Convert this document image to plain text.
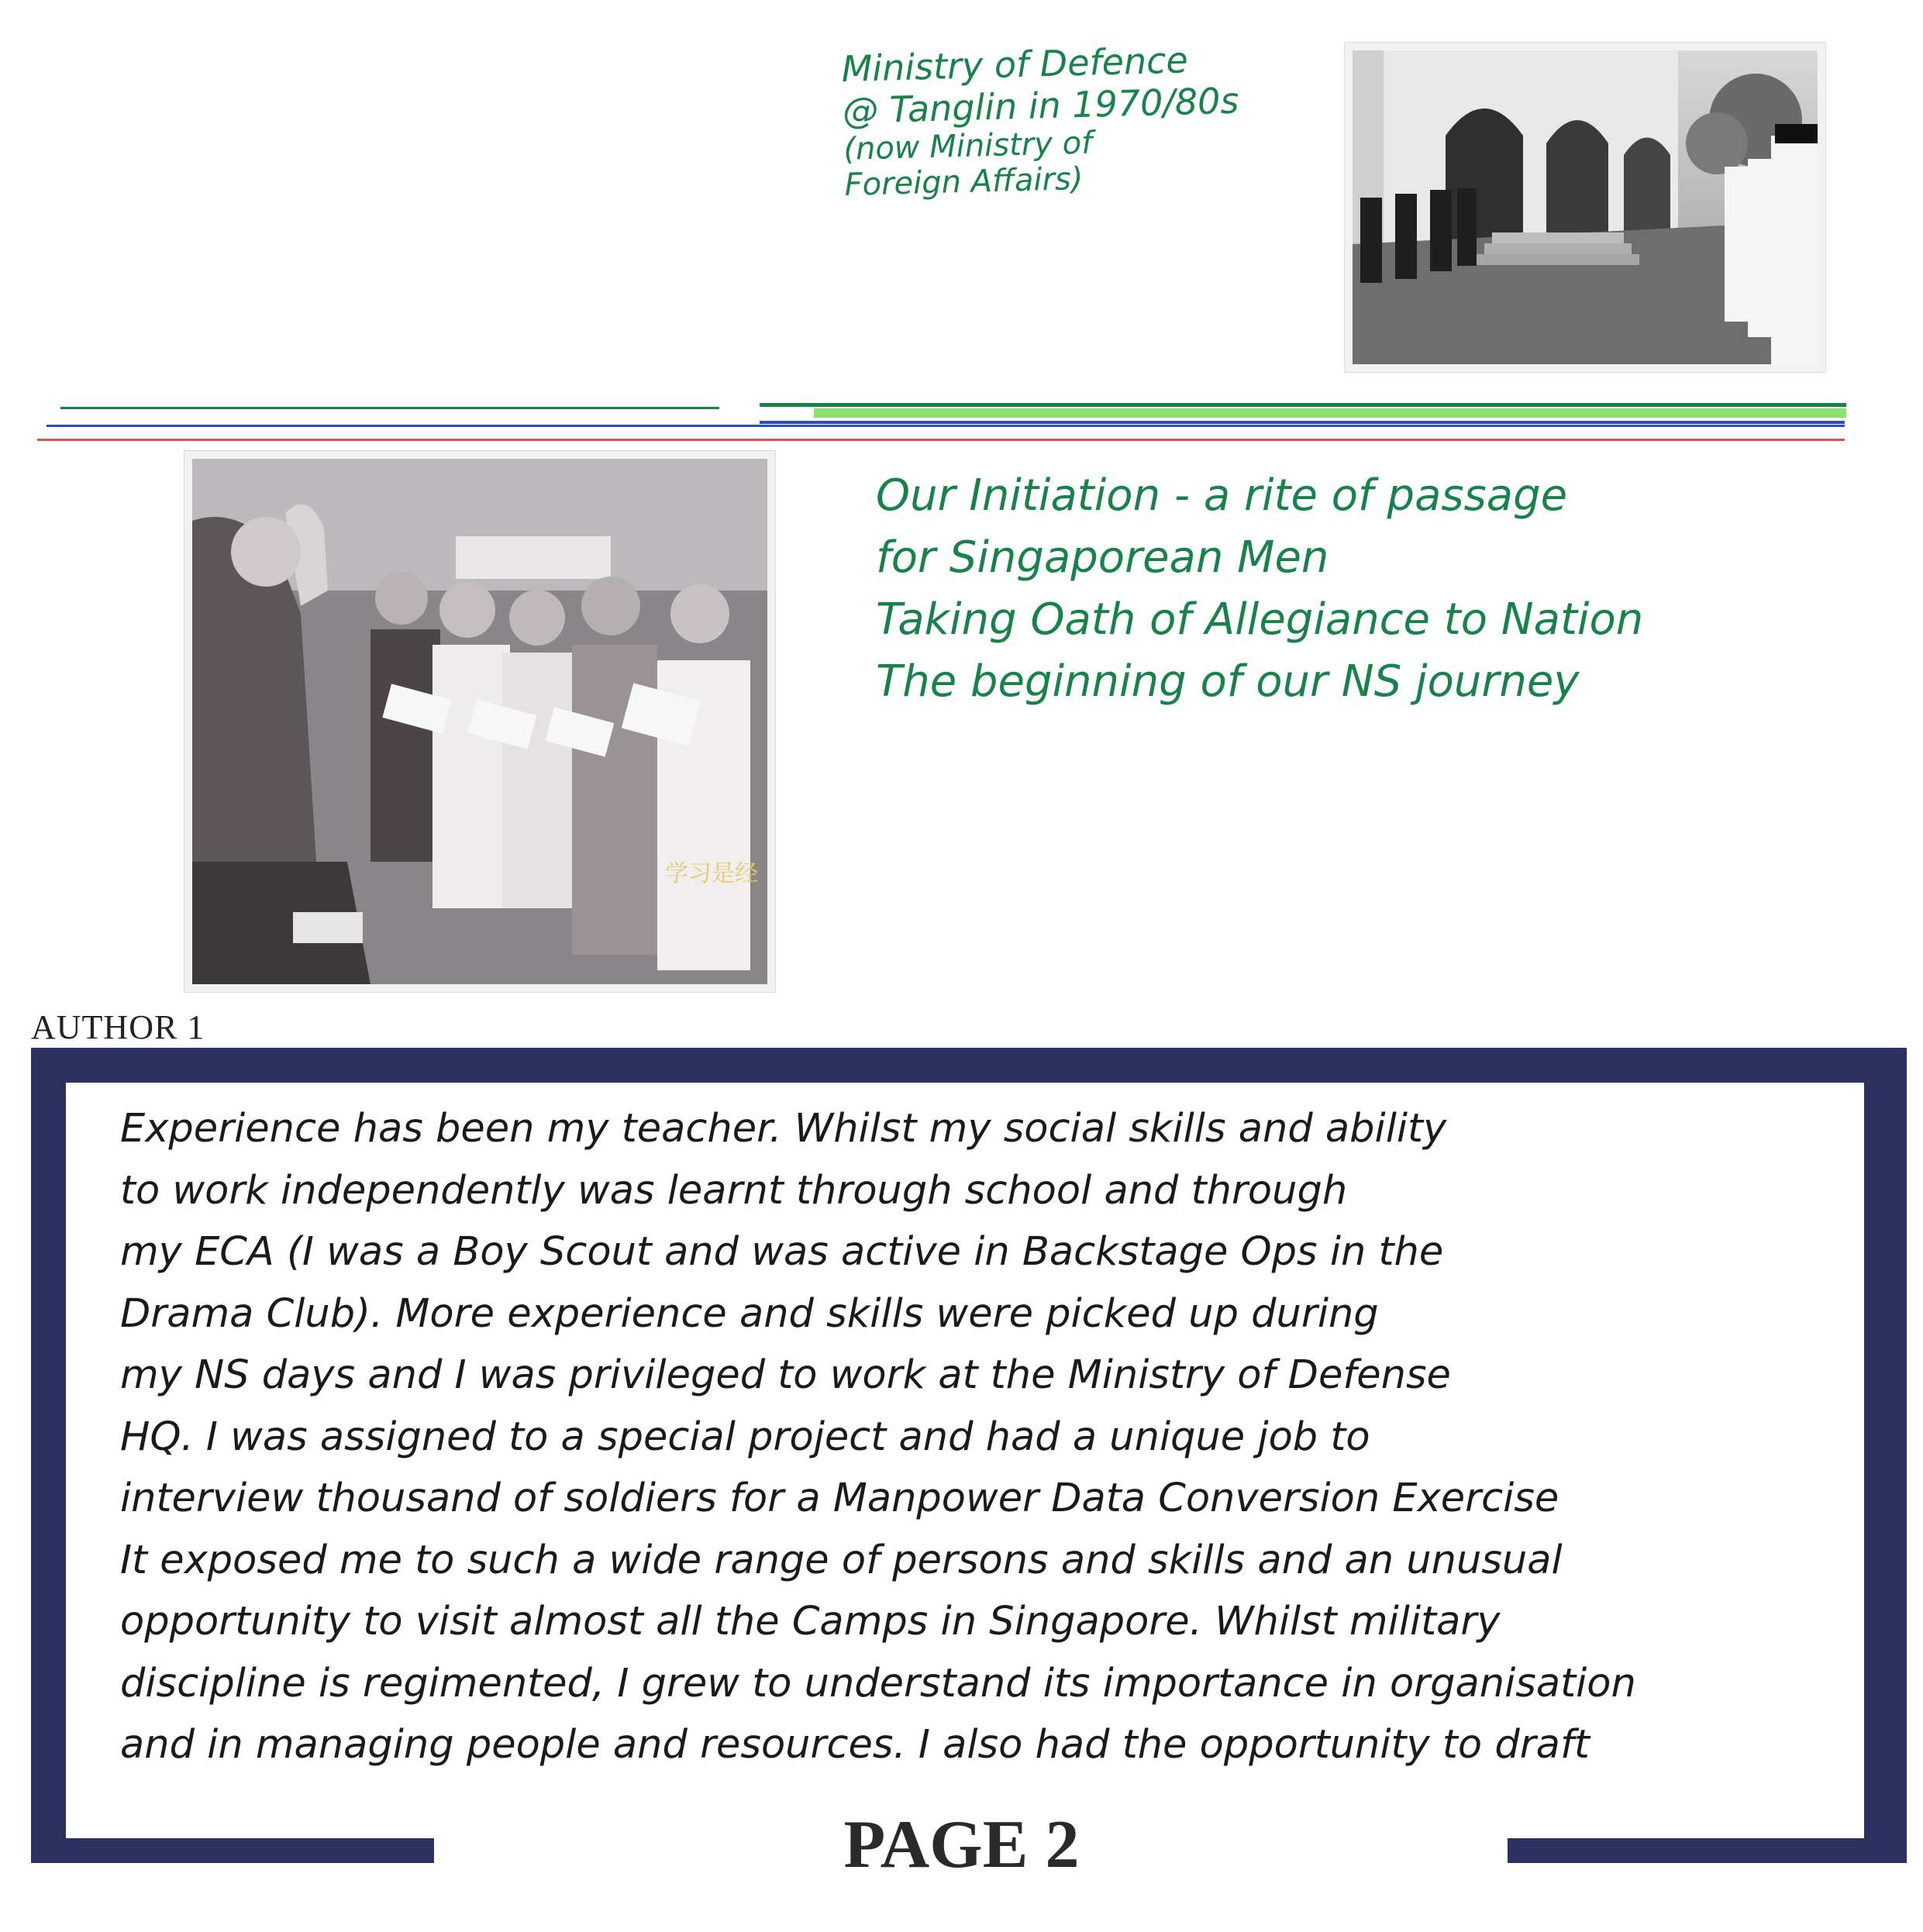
Ministry of Defence
@ Tanglin in 1970/80s
(now Ministry of
Foreign Affairs)
学习是经
Our Initiation - a rite of passage
for Singaporean Men
Taking Oath of Allegiance to Nation
The beginning of our NS journey
AUTHOR 1
Experience has been my teacher. Whilst my social skills and ability
to work independently was learnt through school and through
my ECA (I was a Boy Scout and was active in Backstage Ops in the
Drama Club). More experience and skills were picked up during
my NS days and I was privileged to work at the Ministry of Defense
HQ. I was assigned to a special project and had a unique job to
interview thousand of soldiers for a Manpower Data Conversion Exercise
It exposed me to such a wide range of persons and skills and an unusual
opportunity to visit almost all the Camps in Singapore. Whilst military
discipline is regimented, I grew to understand its importance in organisation
and in managing people and resources. I also had the opportunity to draft
PAGE 2
